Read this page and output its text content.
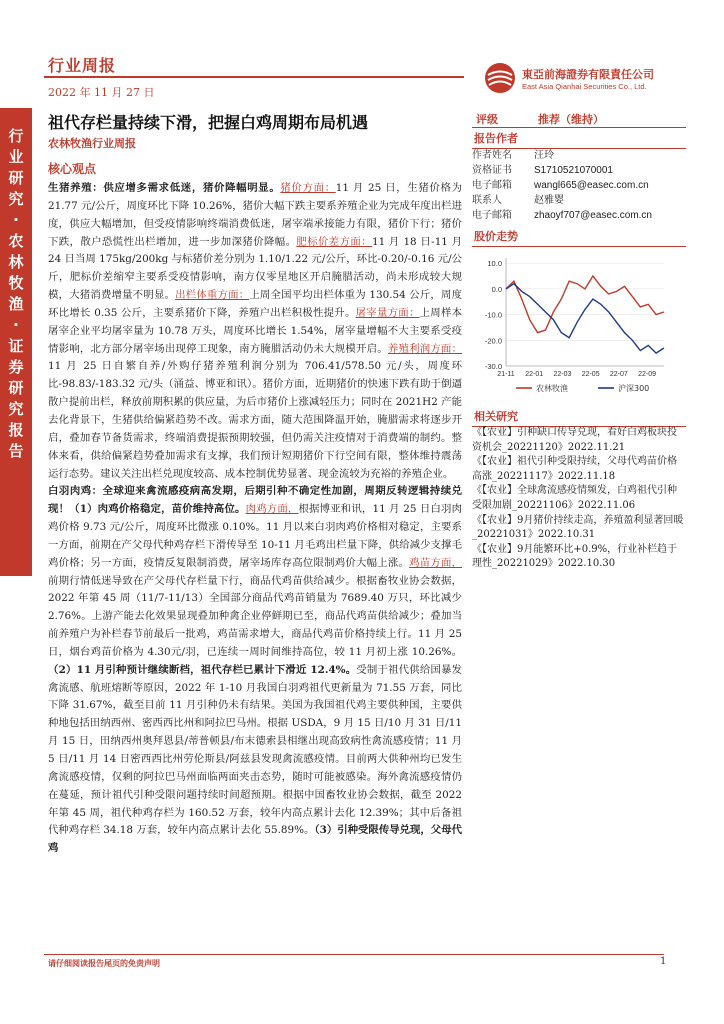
行业周报
2022 年 11 月 27 日
東亞前海證券有限責任公司
East Asia Qianhai Securities Co., Ltd.
行业研究·农林牧渔·证券研究报告
祖代存栏量持续下滑，把握白鸡周期布局机遇
农林牧渔行业周报
核心观点

生猪养殖：供应增多需求低迷，猪价降幅明显。猪价方面：11 月 25 日，生猪价格为 21.77 元/公斤，周度环比下降 10.26%，猪价大幅下跌主要系养殖企业为完成年度出栏进度，供应大幅增加，但受疫情影响终端消费低迷，屠宰端承接能力有限，猪价下行；猪价下跌，散户恐慌性出栏增加，进一步加深猪价降幅。肥标价差方面：11 月 18 日-11 月 24 日当周 175kg/200kg 与标猪价差分别为 1.10/1.22 元/公斤，环比-0.20/-0.16 元/公斤，肥标价差缩窄主要系受疫情影响，南方仅零星地区开启腌腊活动，尚未形成较大规模，大猪消费增量不明显。出栏体重方面：上周全国平均出栏体重为 130.54 公斤，周度环比增长 0.35 公斤，主要系猪价下降，养殖户出栏积极性提升。屠宰量方面：上周样本屠宰企业平均屠宰量为 10.78 万头，周度环比增长 1.54%，屠宰量增幅不大主要系受疫情影响，北方部分屠宰场出现停工现象，南方腌腊活动仍未大规模开启。养殖利润方面：11 月 25 日自繁自养/外购仔猪养殖利润分别为 706.41/578.50 元/头，周度环比-98.83/-183.32 元/头（涌益、博亚和讯）。猪价方面，近期猪价的快速下跌有助于倒逼散户提前出栏，释放前期积累的供应量，为后市猪价上涨减轻压力；同时在 2021H2 产能去化背景下，生猪供给偏紧趋势不改。需求方面，随大范围降温开始，腌腊需求将逐步开启，叠加春节备货需求，终端消费提振预期较强，但仍需关注疫情对于消费端的制约。整体来看，供给偏紧趋势叠加需求有支撑，我们预计短期猪价下行空间有限，整体维持震荡运行态势。建议关注出栏兑现度较高、成本控制优势显著、现金流较为充裕的养殖企业。

白羽肉鸡：全球迎来禽流感疫病高发期，后期引种不确定性加剧，周期反转逻辑持续兑现！（1）肉鸡价格稳定，苗价维持高位。肉鸡方面，根据博亚和讯，11 月 25 日白羽肉鸡价格 9.73 元/公斤，周度环比微涨 0.10%。11 月以来白羽肉鸡价格相对稳定，主要系一方面，前期在产父母代种鸡存栏下滑传导至 10-11 月毛鸡出栏量下降，供给减少支撑毛鸡价格；另一方面，疫情反复限制消费，屠宰场库存高位限制鸡价大幅上涨。鸡苗方面，前期行情低迷导致在产父母代存栏量下行，商品代鸡苗供给减少。根据畜牧业协会数据，2022 年第 45 周（11/7-11/13）全国部分商品代鸡苗销量为 7689.40 万只，环比减少 2.76%。上游产能去化效果显现叠加种禽企业停鲜期已至，商品代鸡苗供给减少；叠加当前养殖户为补栏春节前最后一批鸡，鸡苗需求增大，商品代鸡苗价格持续上行。11 月 25 日，烟台鸡苗价格为 4.30元/羽，已连续一周时间维持高位，较 11 月初上涨 10.26%。（2）11 月引种预计继续断档，祖代存栏已累计下滑近 12.4%。受制于祖代供给国暴发禽流感、航班熔断等原因，2022 年 1-10 月我国白羽鸡祖代更新量为 71.55 万套，同比下降 31.67%，截至目前 11 月引种仍未有结果。美国为我国祖代鸡主要供种国，主要供种地包括田纳西州、密西西比州和阿拉巴马州。根据 USDA，9 月 15 日/10 月 31 日/11 月 15 日，田纳西州奥拜恩县/蒂普顿县/布末德索县相继出现高致病性禽流感疫情；11 月 5 日/11 月 14 日密西西比州劳伦斯县/阿兹县发现禽流感疫情。目前两大供种州均已发生禽流感疫情，仅剩的阿拉巴马州面临两面夹击态势，随时可能被感染。海外禽流感疫情仍在蔓延，预计祖代引种受限问题持续时间超预期。根据中国畜牧业协会数据，截至 2022 年第 45 周，祖代种鸡存栏为 160.52 万套，较年内高点累计去化 12.39%；其中后备祖代种鸡存栏 34.18 万套，较年内高点累计去化 55.89%。（3）引种受限传导兑现，父母代鸡

评级	推荐（维持）
报告作者
作者姓名	汪玲
资格证书	S1710521070001
电子邮箱	wangl665@easec.com.cn
联系人	赵雅婴
电子邮箱	zhaoyf707@easec.com.cn
股价走势
10.0
0.0
-10.0
-20.0
-30.0
21-11 22-01 22-03 22-05 22-07 22-09
农林牧渔	沪深300
相关研究
《【农业】引种缺口传导兑现，看好白鸡板块投资机会_20221120》2022.11.21
《【农业】祖代引种受限持续，父母代鸡苗价格高涨_20221117》2022.11.18
《【农业】全球禽流感疫情频发，白鸡祖代引种受限加剧_20221106》2022.11.06
《【农业】9月猪价持续走高，养殖盈利显著回暖_20221031》2022.10.31
《【农业】9月能繁环比+0.9%，行业补栏趋于理性_20221029》2022.10.30
请仔细阅读报告尾页的免责声明	1
